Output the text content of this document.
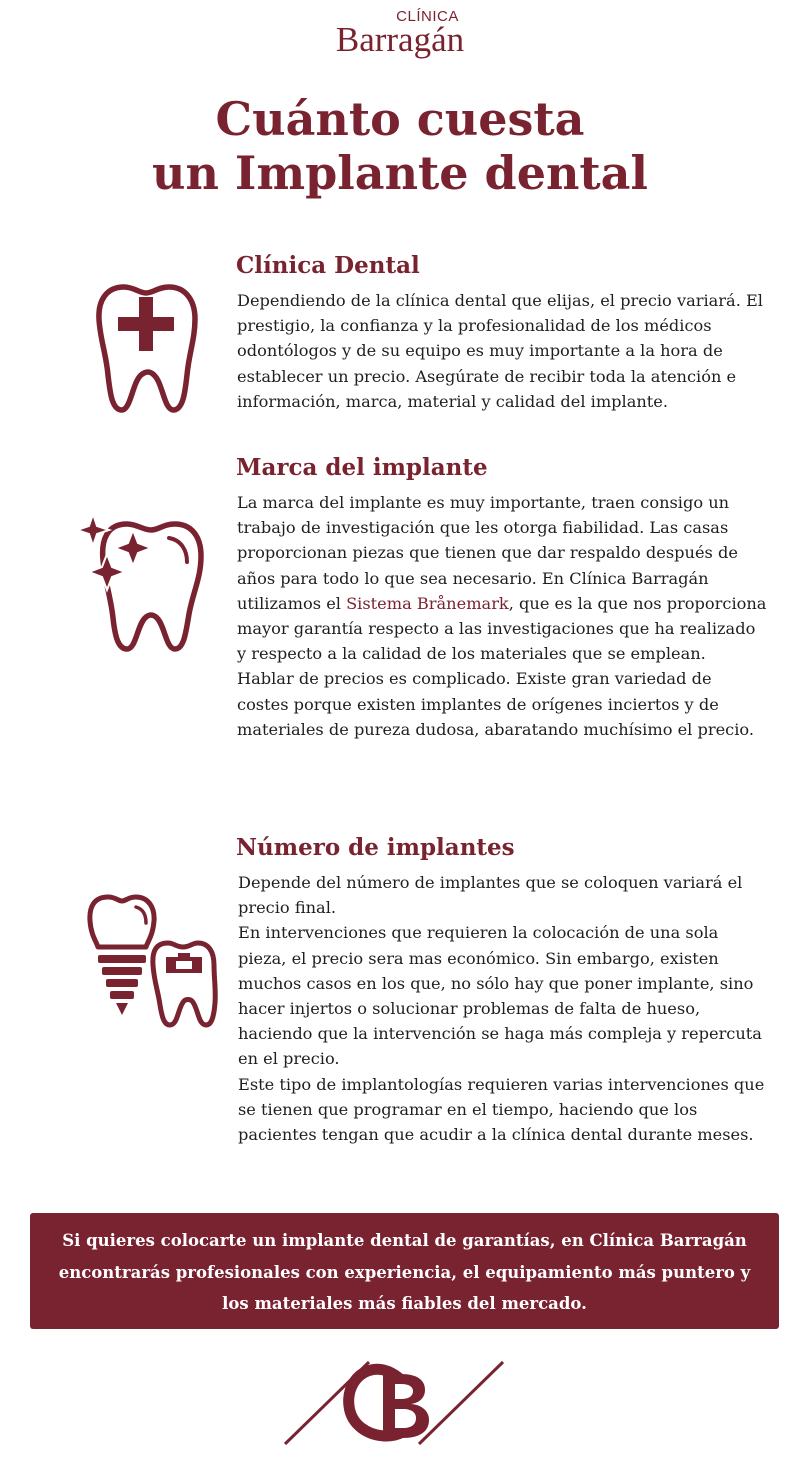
CLÍNICA
Barragán
Cuánto cuesta
un Implante dental
Clínica Dental

Dependiendo de la clínica dental que elijas, el precio variará. El prestigio, la confianza y la profesionalidad de los médicos odontólogos y de su equipo es muy importante a la hora de establecer un precio. Asegúrate de recibir toda la atención e información, marca, material y calidad del implante.

Marca del implante

La marca del implante es muy importante, traen consigo un trabajo de investigación que les otorga fiabilidad. Las casas proporcionan piezas que tienen que dar respaldo después de años para todo lo que sea necesario. En Clínica Barragán utilizamos el Sistema Brånemark, que es la que nos proporciona mayor garantía respecto a las investigaciones que ha realizado y respecto a la calidad de los materiales que se emplean.

Hablar de precios es complicado. Existe gran variedad de costes porque existen implantes de orígenes inciertos y de materiales de pureza dudosa, abaratando muchísimo el precio.

Número de implantes

Depende del número de implantes que se coloquen variará el precio final.

En intervenciones que requieren la colocación de una sola pieza, el precio sera mas económico. Sin embargo, existen muchos casos en los que, no sólo hay que poner implante, sino hacer injertos o solucionar problemas de falta de hueso, haciendo que la intervención se haga más compleja y repercuta en el precio.

Este tipo de implantologías requieren varias intervenciones que se tienen que programar en el tiempo, haciendo que los pacientes tengan que acudir a la clínica dental durante meses.

Si quieres colocarte un implante dental de garantías, en Clínica Barragán
encontrarás profesionales con experiencia, el equipamiento más puntero y
los materiales más fiables del mercado.
